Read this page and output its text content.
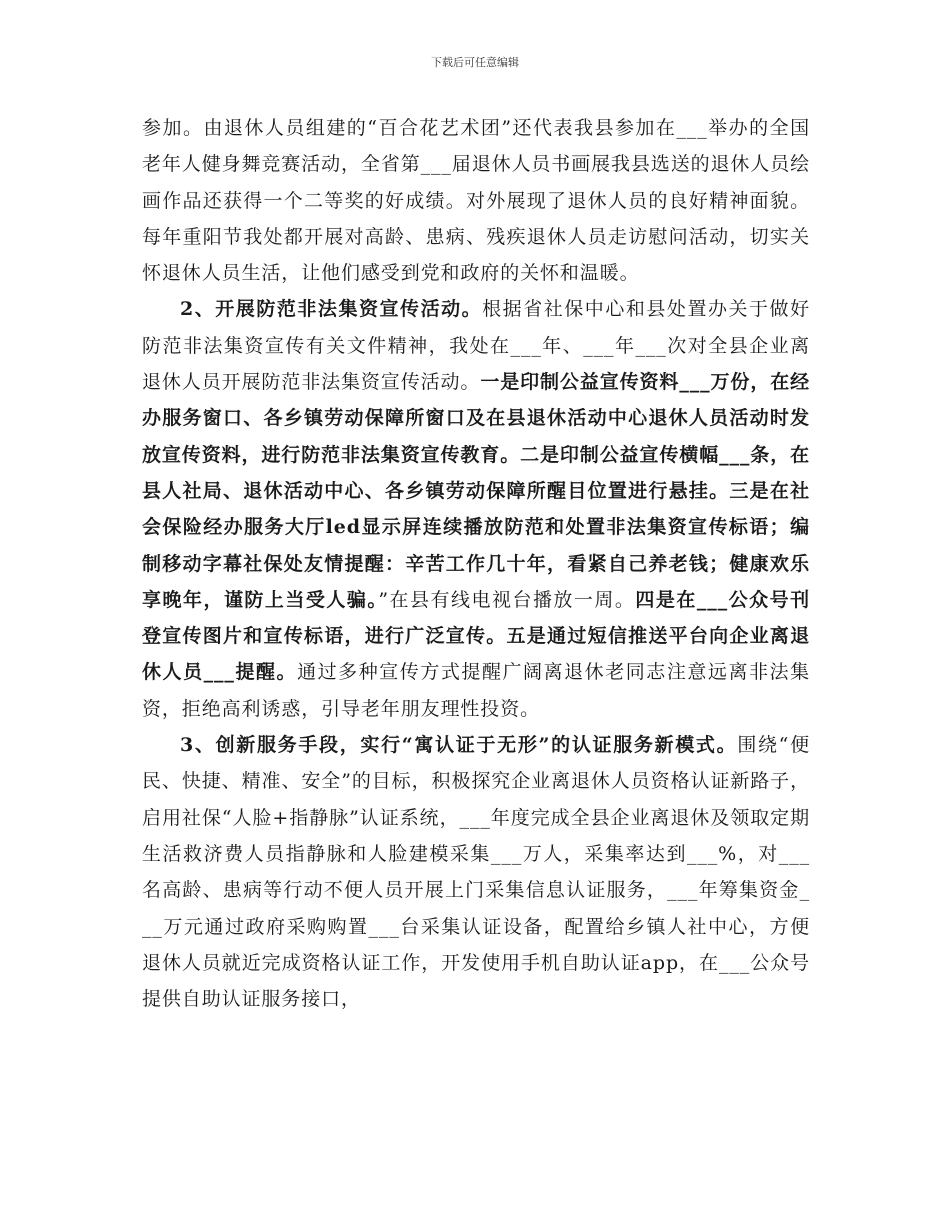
下载后可任意编辑

参加。由退休人员组建的“百合花艺术团”还代表我县参加在___举办的全国老年人健身舞竞赛活动，全省第___届退休人员书画展我县选送的退休人员绘画作品还获得一个二等奖的好成绩。对外展现了退休人员的良好精神面貌。每年重阳节我处都开展对高龄、患病、残疾退休人员走访慰问活动，切实关怀退休人员生活，让他们感受到党和政府的关怀和温暖。

2、开展防范非法集资宣传活动。根据省社保中心和县处置办关于做好防范非法集资宣传有关文件精神，我处在___年、___年___次对全县企业离退休人员开展防范非法集资宣传活动。一是印制公益宣传资料___万份，在经办服务窗口、各乡镇劳动保障所窗口及在县退休活动中心退休人员活动时发放宣传资料，进行防范非法集资宣传教育。二是印制公益宣传横幅___条，在县人社局、退休活动中心、各乡镇劳动保障所醒目位置进行悬挂。三是在社会保险经办服务大厅led显示屏连续播放防范和处置非法集资宣传标语；编制移动字幕社保处友情提醒：辛苦工作几十年，看紧自己养老钱；健康欢乐享晚年，谨防上当受人骗。”在县有线电视台播放一周。四是在___公众号刊登宣传图片和宣传标语，进行广泛宣传。五是通过短信推送平台向企业离退休人员___提醒。通过多种宣传方式提醒广阔离退休老同志注意远离非法集资，拒绝高利诱惑，引导老年朋友理性投资。

3、创新服务手段，实行“寓认证于无形”的认证服务新模式。围绕“便民、快捷、精准、安全”的目标，积极探究企业离退休人员资格认证新路子，启用社保“人脸+指静脉”认证系统，___年度完成全县企业离退休及领取定期生活救济费人员指静脉和人脸建模采集___万人，采集率达到___%，对___名高龄、患病等行动不便人员开展上门采集信息认证服务，___年筹集资金___万元通过政府采购购置___台采集认证设备，配置给乡镇人社中心，方便退休人员就近完成资格认证工作，开发使用手机自助认证app，在___公众号提供自助认证服务接口，
